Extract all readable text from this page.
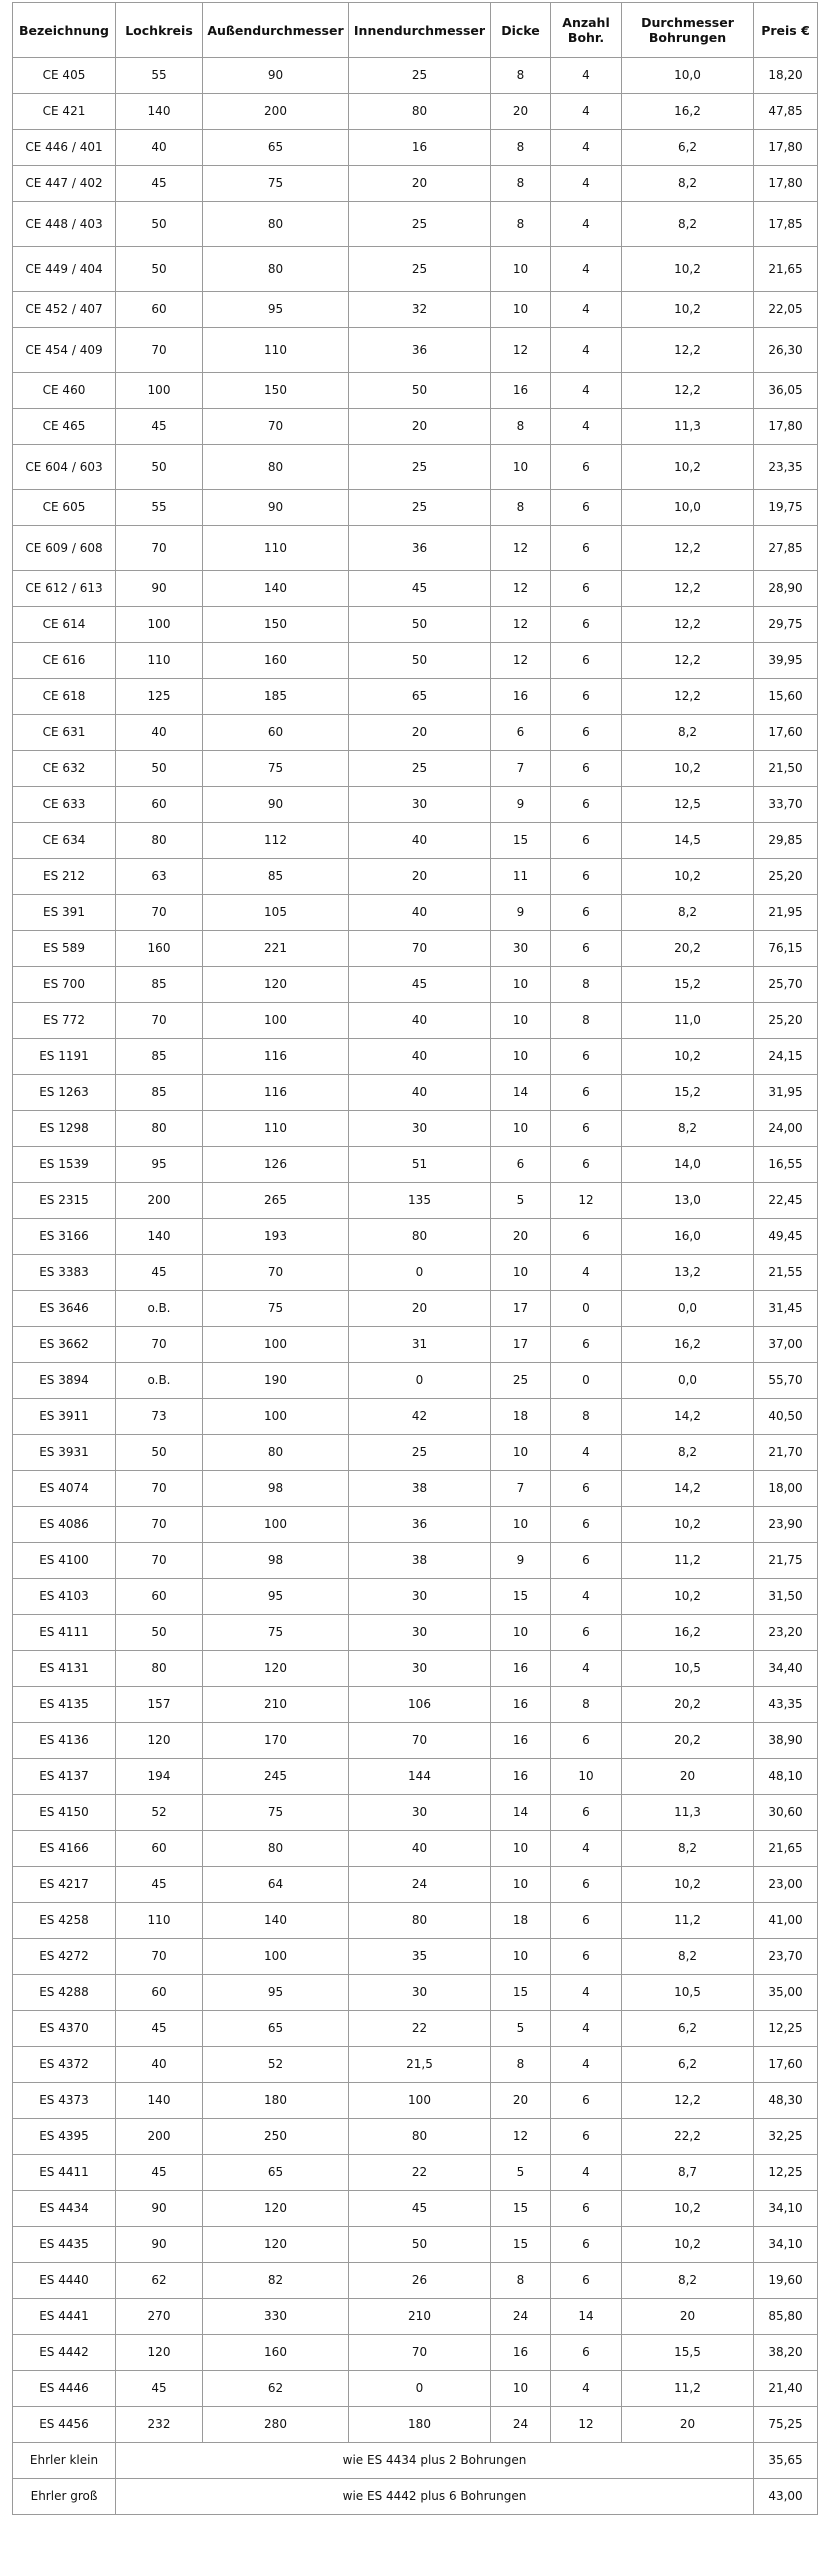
Bezeichnung	Lochkreis	Außendurchmesser	Innendurchmesser	Dicke	Anzahl Bohr.	Durchmesser Bohrungen	Preis €
CE 405	55	90	25	8	4	10,0	18,20
CE 421	140	200	80	20	4	16,2	47,85
CE 446 / 401	40	65	16	8	4	6,2	17,80
CE 447 / 402	45	75	20	8	4	8,2	17,80
CE 448 / 403	50	80	25	8	4	8,2	17,85
CE 449 / 404	50	80	25	10	4	10,2	21,65
CE 452 / 407	60	95	32	10	4	10,2	22,05
CE 454 / 409	70	110	36	12	4	12,2	26,30
CE 460	100	150	50	16	4	12,2	36,05
CE 465	45	70	20	8	4	11,3	17,80
CE 604 / 603	50	80	25	10	6	10,2	23,35
CE 605	55	90	25	8	6	10,0	19,75
CE 609 / 608	70	110	36	12	6	12,2	27,85
CE 612 / 613	90	140	45	12	6	12,2	28,90
CE 614	100	150	50	12	6	12,2	29,75
CE 616	110	160	50	12	6	12,2	39,95
CE 618	125	185	65	16	6	12,2	15,60
CE 631	40	60	20	6	6	8,2	17,60
CE 632	50	75	25	7	6	10,2	21,50
CE 633	60	90	30	9	6	12,5	33,70
CE 634	80	112	40	15	6	14,5	29,85
ES 212	63	85	20	11	6	10,2	25,20
ES 391	70	105	40	9	6	8,2	21,95
ES 589	160	221	70	30	6	20,2	76,15
ES 700	85	120	45	10	8	15,2	25,70
ES 772	70	100	40	10	8	11,0	25,20
ES 1191	85	116	40	10	6	10,2	24,15
ES 1263	85	116	40	14	6	15,2	31,95
ES 1298	80	110	30	10	6	8,2	24,00
ES 1539	95	126	51	6	6	14,0	16,55
ES 2315	200	265	135	5	12	13,0	22,45
ES 3166	140	193	80	20	6	16,0	49,45
ES 3383	45	70	0	10	4	13,2	21,55
ES 3646	o.B.	75	20	17	0	0,0	31,45
ES 3662	70	100	31	17	6	16,2	37,00
ES 3894	o.B.	190	0	25	0	0,0	55,70
ES 3911	73	100	42	18	8	14,2	40,50
ES 3931	50	80	25	10	4	8,2	21,70
ES 4074	70	98	38	7	6	14,2	18,00
ES 4086	70	100	36	10	6	10,2	23,90
ES 4100	70	98	38	9	6	11,2	21,75
ES 4103	60	95	30	15	4	10,2	31,50
ES 4111	50	75	30	10	6	16,2	23,20
ES 4131	80	120	30	16	4	10,5	34,40
ES 4135	157	210	106	16	8	20,2	43,35
ES 4136	120	170	70	16	6	20,2	38,90
ES 4137	194	245	144	16	10	20	48,10
ES 4150	52	75	30	14	6	11,3	30,60
ES 4166	60	80	40	10	4	8,2	21,65
ES 4217	45	64	24	10	6	10,2	23,00
ES 4258	110	140	80	18	6	11,2	41,00
ES 4272	70	100	35	10	6	8,2	23,70
ES 4288	60	95	30	15	4	10,5	35,00
ES 4370	45	65	22	5	4	6,2	12,25
ES 4372	40	52	21,5	8	4	6,2	17,60
ES 4373	140	180	100	20	6	12,2	48,30
ES 4395	200	250	80	12	6	22,2	32,25
ES 4411	45	65	22	5	4	8,7	12,25
ES 4434	90	120	45	15	6	10,2	34,10
ES 4435	90	120	50	15	6	10,2	34,10
ES 4440	62	82	26	8	6	8,2	19,60
ES 4441	270	330	210	24	14	20	85,80
ES 4442	120	160	70	16	6	15,5	38,20
ES 4446	45	62	0	10	4	11,2	21,40
ES 4456	232	280	180	24	12	20	75,25
Ehrler klein	wie ES 4434 plus 2 Bohrungen						35,65
Ehrler groß	wie ES 4442 plus 6 Bohrungen						43,00
